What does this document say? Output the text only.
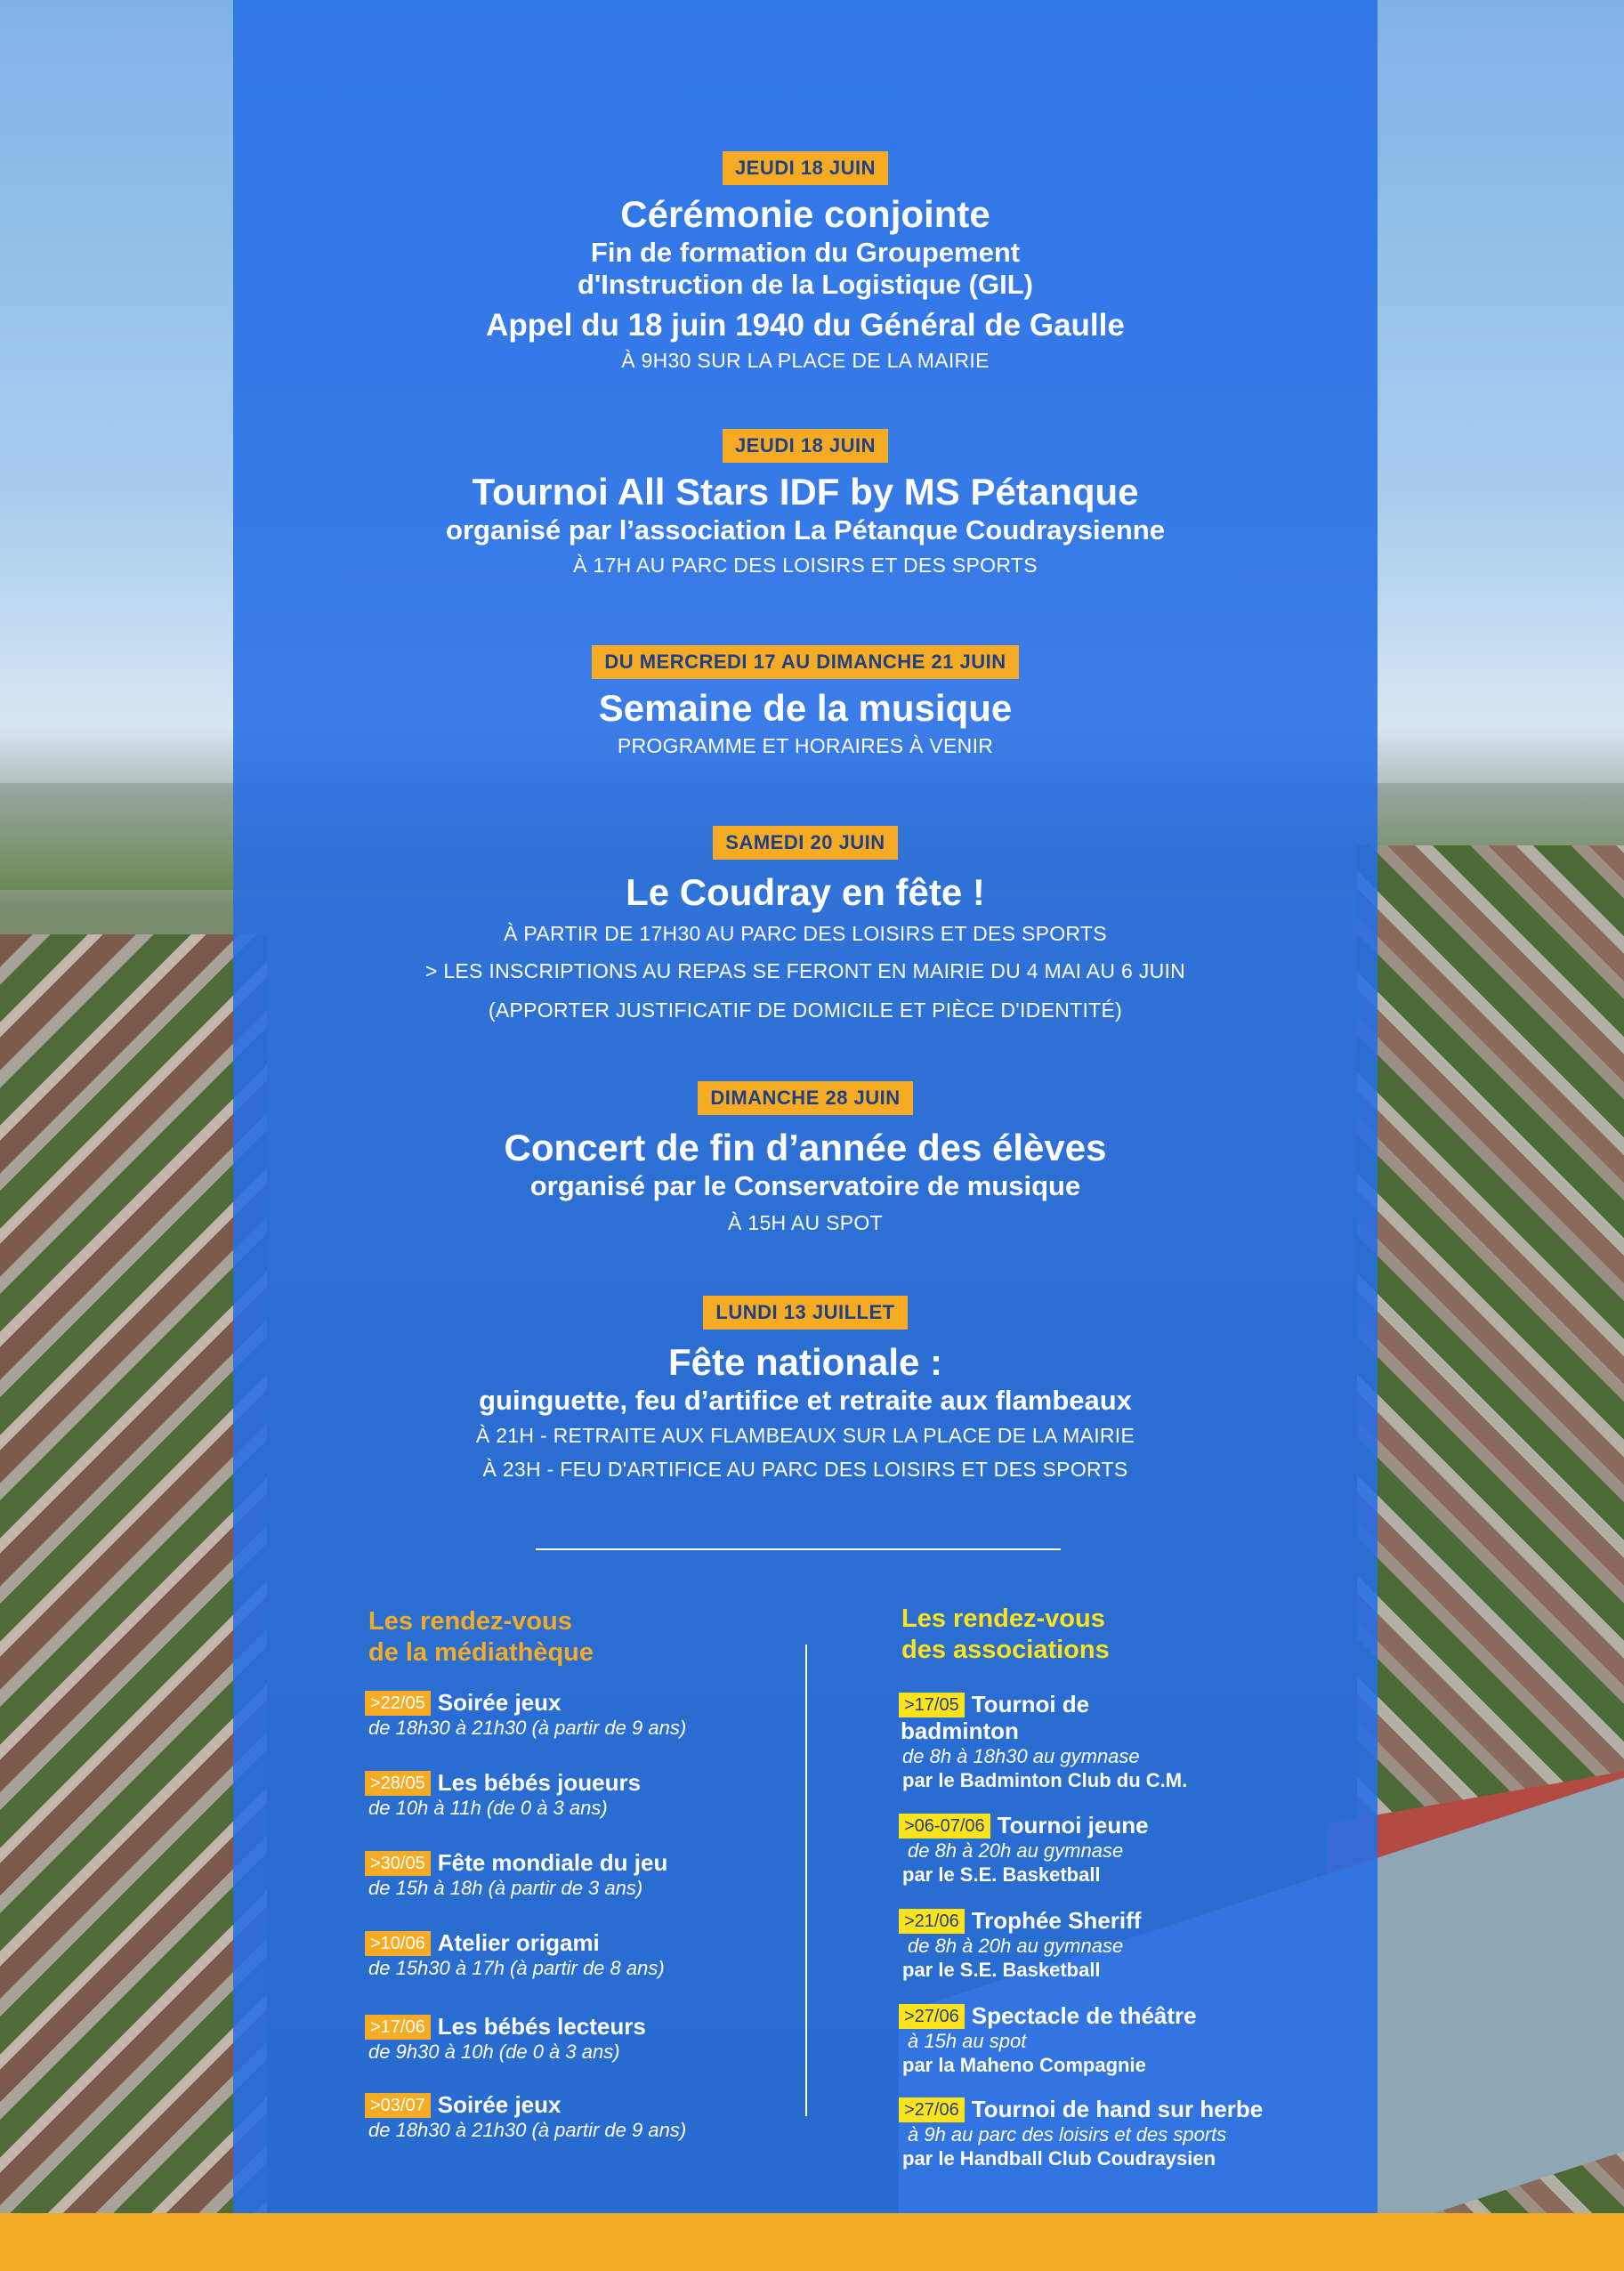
JEUDI 18 JUIN
Cérémonie conjointe
Fin de formation du Groupement
d'Instruction de la Logistique (GIL)
Appel du 18 juin 1940 du Général de Gaulle
À 9H30 SUR LA PLACE DE LA MAIRIE
JEUDI 18 JUIN
Tournoi All Stars IDF by MS Pétanque
organisé par l’association La Pétanque Coudraysienne
À 17H AU PARC DES LOISIRS ET DES SPORTS
DU MERCREDI 17 AU DIMANCHE 21 JUIN
Semaine de la musique
PROGRAMME ET HORAIRES À VENIR
SAMEDI 20 JUIN
Le Coudray en fête !
À PARTIR DE 17H30 AU PARC DES LOISIRS ET DES SPORTS
> LES INSCRIPTIONS AU REPAS SE FERONT EN MAIRIE DU 4 MAI AU 6 JUIN
(APPORTER JUSTIFICATIF DE DOMICILE ET PIÈCE D'IDENTITÉ)
DIMANCHE 28 JUIN
Concert de fin d’année des élèves
organisé par le Conservatoire de musique
À 15H AU SPOT
LUNDI 13 JUILLET
Fête nationale :
guinguette, feu d’artifice et retraite aux flambeaux
À 21H - RETRAITE AUX FLAMBEAUX SUR LA PLACE DE LA MAIRIE
À 23H - FEU D'ARTIFICE AU PARC DES LOISIRS ET DES SPORTS
Les rendez-vous
de la médiathèque
>22/05 Soirée jeux
de 18h30 à 21h30 (à partir de 9 ans)
>28/05 Les bébés joueurs
de 10h à 11h (de 0 à 3 ans)
>30/05 Fête mondiale du jeu
de 15h à 18h (à partir de 3 ans)
>10/06 Atelier origami
de 15h30 à 17h (à partir de 8 ans)
>17/06 Les bébés lecteurs
de 9h30 à 10h (de 0 à 3 ans)
>03/07 Soirée jeux
de 18h30 à 21h30 (à partir de 9 ans)
Les rendez-vous
des associations
>17/05 Tournoi de
badminton
de 8h à 18h30 au gymnase
par le Badminton Club du C.M.
>06-07/06 Tournoi jeune
de 8h à 20h au gymnase
par le S.E. Basketball
>21/06 Trophée Sheriff
de 8h à 20h au gymnase
par le S.E. Basketball
>27/06 Spectacle de théâtre
à 15h au spot
par la Maheno Compagnie
>27/06 Tournoi de hand sur herbe
à 9h au parc des loisirs et des sports
par le Handball Club Coudraysien
